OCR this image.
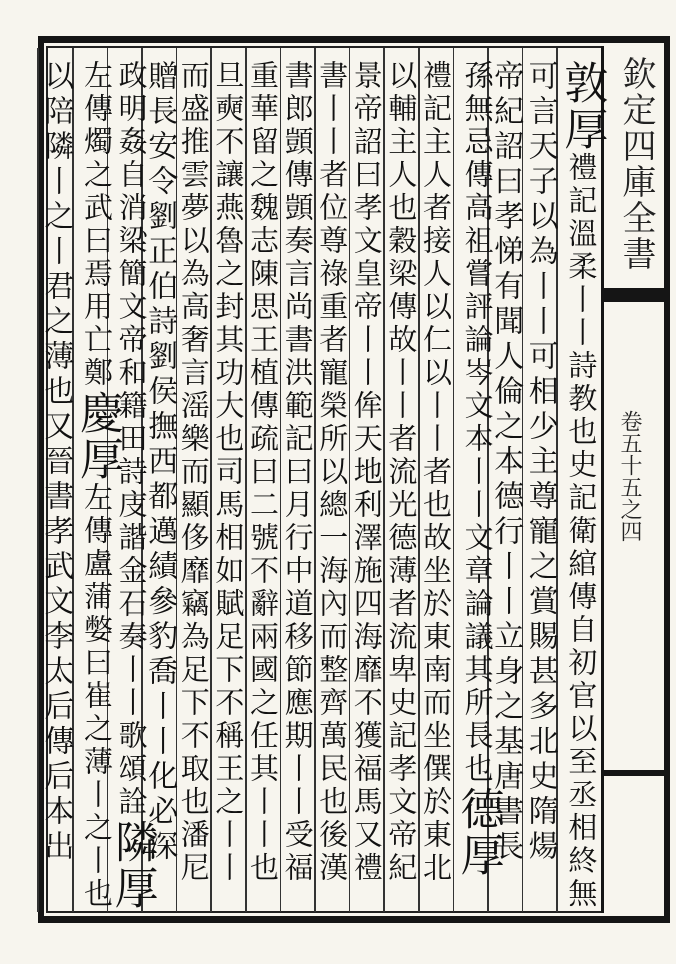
欽定四庫全書
卷五十五之四
敦厚禮記溫柔丨丨詩教也史記衛綰傳自初官以至丞相終無
可言天子以為丨丨可相少主尊寵之賞賜甚多北史隋煬
帝紀詔曰孝悌有聞人倫之本德行丨丨立身之基唐書長
孫無忌傳高祖嘗評論岑文本丨丨文章論議其所長也德厚
禮記主人者接人以仁以丨丨者也故坐於東南而坐僎於東北
以輔主人也穀梁傳故丨丨者流光德薄者流卑史記孝文帝紀
景帝詔曰孝文皇帝丨丨侔天地利澤施四海靡不獲福馬又禮
書丨丨者位尊祿重者寵榮所以總一海內而整齊萬民也後漢
書郎顗傳顗奏言尚書洪範記曰月行中道移節應期丨丨受福
重華留之魏志陳思王植傳疏曰二號不辭兩國之任其丨丨也
旦奭不讓燕魯之封其功大也司馬相如賦足下不稱王之丨丨
而盛推雲夢以為高奢言滛樂而顯侈靡竊為足下不取也潘尼
贈長安令劉正伯詩劉侯撫西都邁績參豹喬丨丨化必深
政明姦自消梁簡文帝和籍田詩庋諧金石奏丨丨歌頌詮隣厚
左傳燭之武曰焉用亡鄭慶厚左傳盧蒲嫳曰崔之薄丨之丨也
以陪隣丨之丨君之薄也又晉書孝武文李太后傳后本出
